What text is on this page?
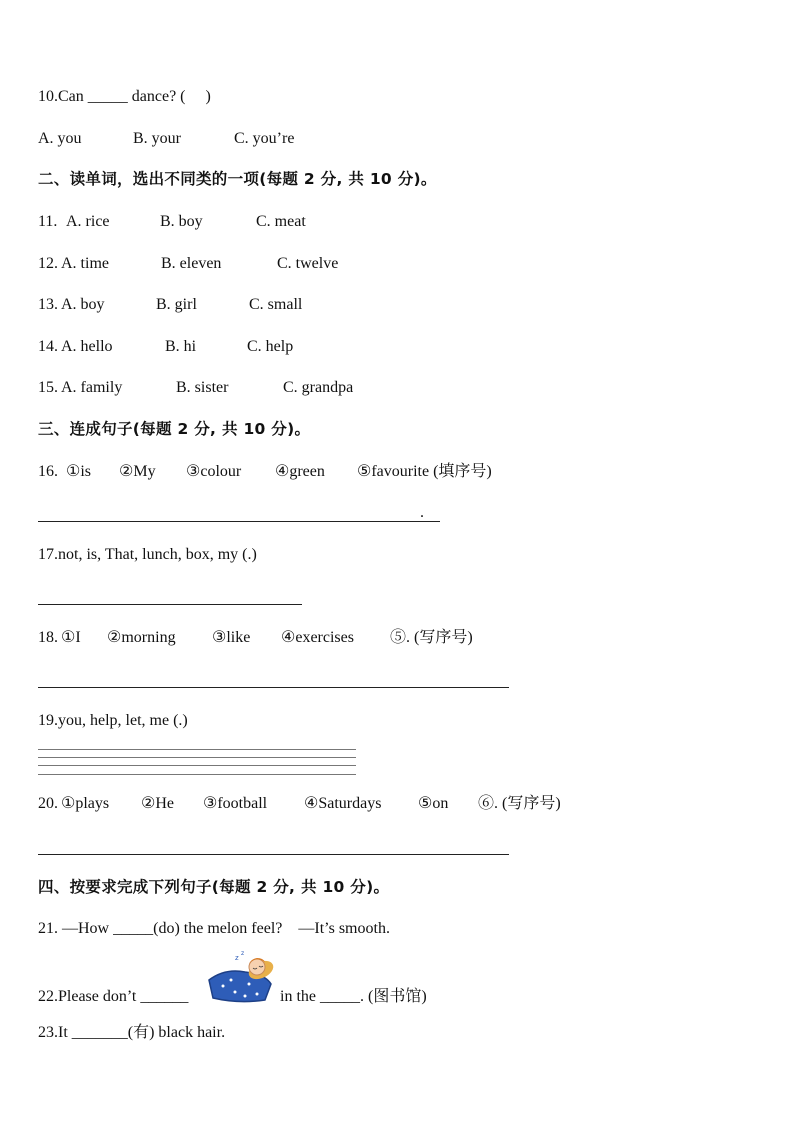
10.Can _____ dance? (     )

A. you

	B. your

	C. you’re

二、读单词，选出不同类的一项(每题 2 分, 共 10 分)。

11.

A. rice

	B. boy

	C. meat

12.

A. time

	B. eleven

	C. twelve

13.

A. boy

	B. girl

	C. small

14.

A. hello

	B. hi

	C. help

15.

A. family

	B. sister

	C. grandpa

三、连成句子(每题 2 分, 共 10 分)。

16.

①is

②My

③colour

④green

⑤favourite (填序号)

.
17.not, is, That, lunch, box, my (.)

18.

①I

②morning

③like

④exercises

⑤. (写序号)

19.you, help, let, me (.)

20.

①plays

②He

③football

④Saturdays

⑤on

⑥. (写序号)

四、按要求完成下列句子(每题 2 分, 共 10 分)。
21. —How _____(do) the melon feel?    —It’s smooth.
22.Please don’t ______
z
z
in the _____. (图书馆)
23.It _______(有) black hair.
